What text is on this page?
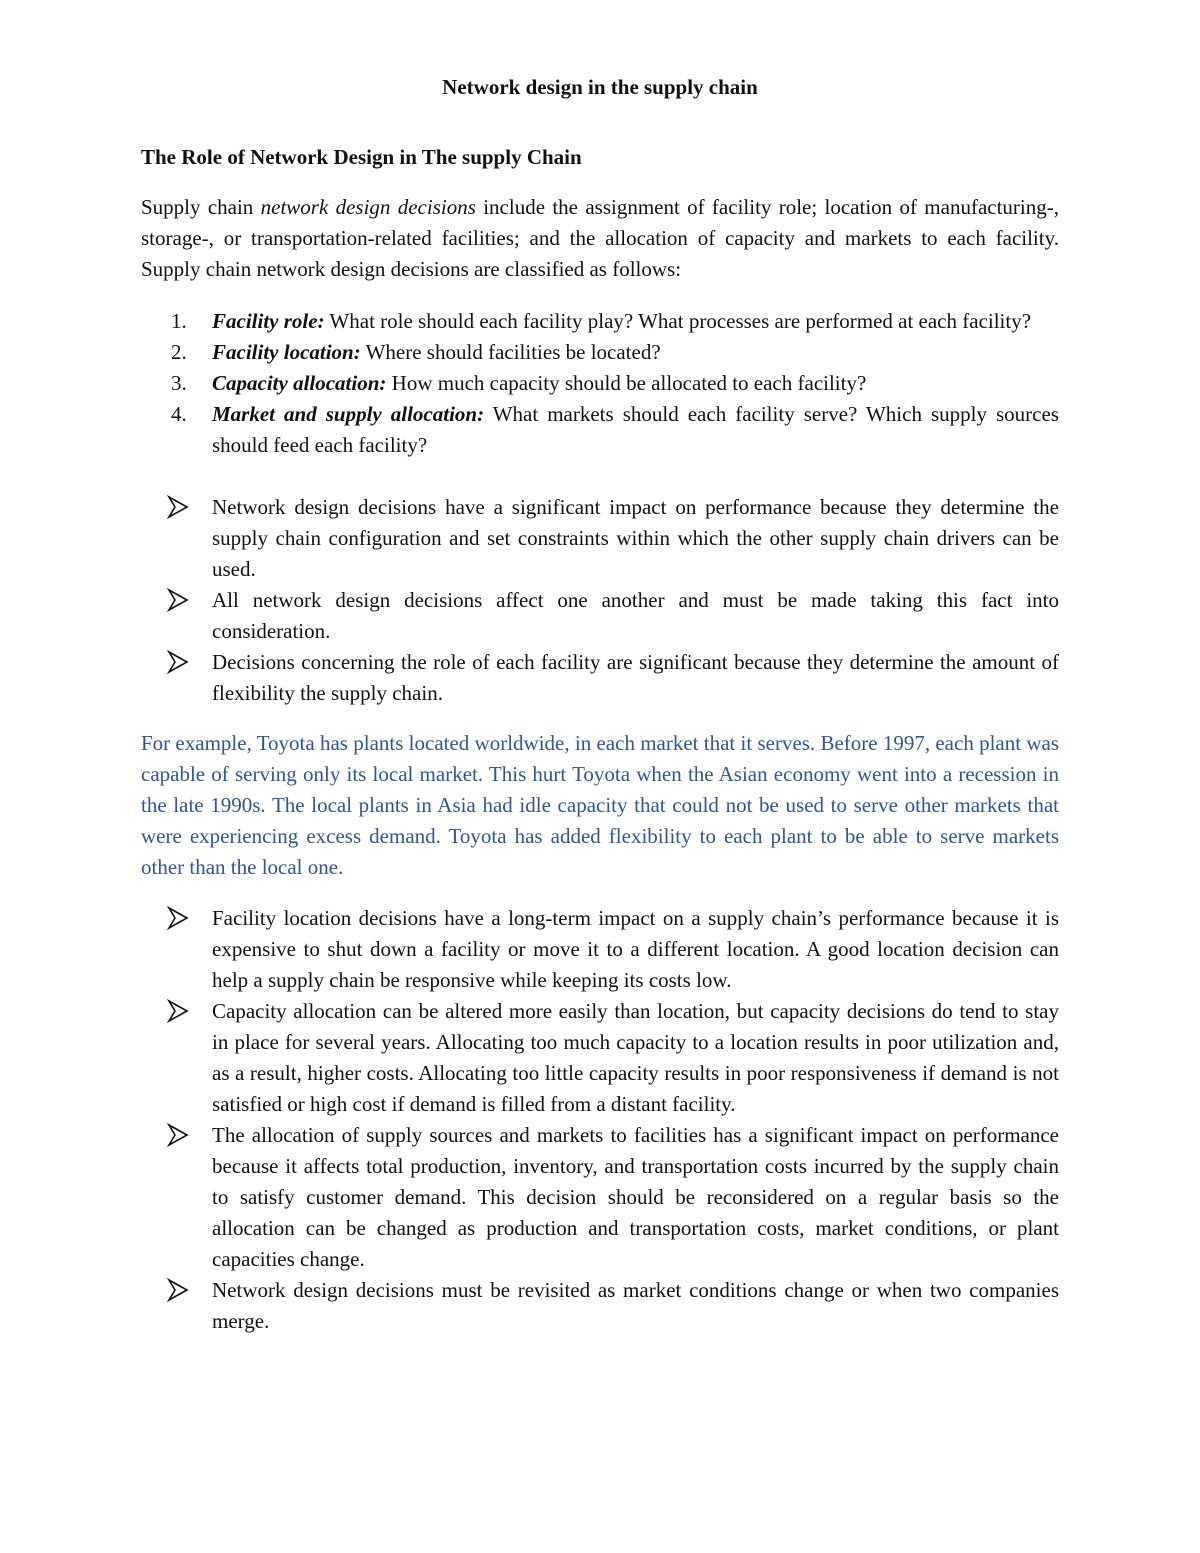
Network design in the supply chain
The Role of Network Design in The supply Chain

Supply chain network design decisions include the assignment of facility role; location of manufacturing-, storage-, or transportation-related facilities; and the allocation of capacity and markets to each facility. Supply chain network design decisions are classified as follows:

1. Facility role: What role should each facility play? What processes are performed at each facility?
2. Facility location: Where should facilities be located?
3. Capacity allocation: How much capacity should be allocated to each facility?
4. Market and supply allocation: What markets should each facility serve? Which supply sources should feed each facility?
Network design decisions have a significant impact on performance because they determine the supply chain configuration and set constraints within which the other supply chain drivers can be used.
All network design decisions affect one another and must be made taking this fact into consideration.
Decisions concerning the role of each facility are significant because they determine the amount of flexibility the supply chain.

For example, Toyota has plants located worldwide, in each market that it serves. Before 1997, each plant was capable of serving only its local market. This hurt Toyota when the Asian economy went into a recession in the late 1990s. The local plants in Asia had idle capacity that could not be used to serve other markets that were experiencing excess demand. Toyota has added flexibility to each plant to be able to serve markets other than the local one.

Facility location decisions have a long-term impact on a supply chain’s performance because it is expensive to shut down a facility or move it to a different location. A good location decision can help a supply chain be responsive while keeping its costs low.
Capacity allocation can be altered more easily than location, but capacity decisions do tend to stay in place for several years. Allocating too much capacity to a location results in poor utilization and, as a result, higher costs. Allocating too little capacity results in poor responsiveness if demand is not satisfied or high cost if demand is filled from a distant facility.
The allocation of supply sources and markets to facilities has a significant impact on performance because it affects total production, inventory, and transportation costs incurred by the supply chain to satisfy customer demand. This decision should be reconsidered on a regular basis so the allocation can be changed as production and transportation costs, market conditions, or plant capacities change.
Network design decisions must be revisited as market conditions change or when two companies merge.
